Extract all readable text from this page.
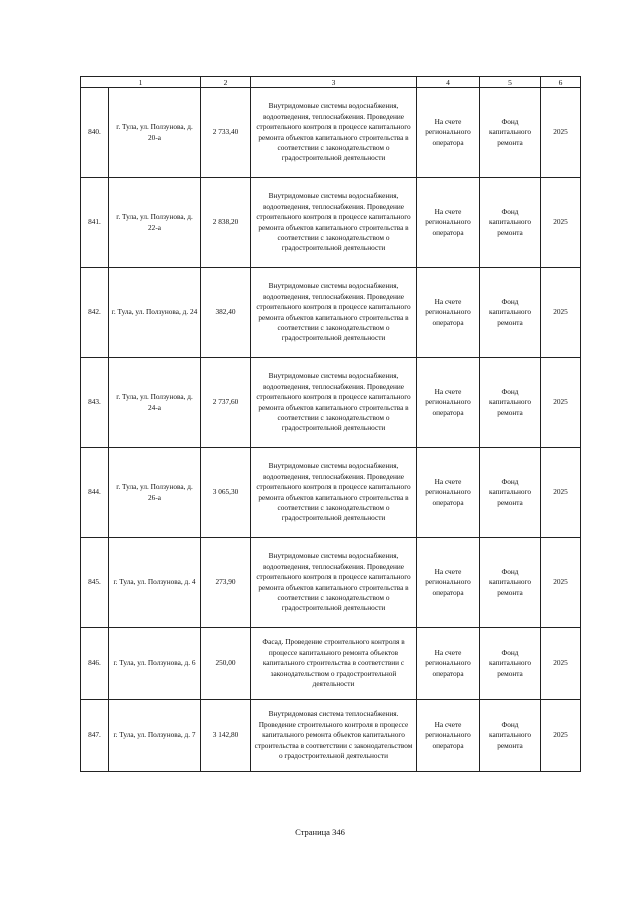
1		2	3	4	5	6
840.	г. Тула, ул. Ползунова, д. 20-а	2 733,40	Внутридомовые системы водоснабжения, водоотведения, теплоснабжения. Проведение строительного контроля в процессе капитального ремонта объектов капитального строительства в соответствии с законодательством о градостроительной деятельности	На счете регионального оператора	Фонд капитального ремонта	2025
841.	г. Тула, ул. Ползунова, д. 22-а	2 838,20	Внутридомовые системы водоснабжения, водоотведения, теплоснабжения. Проведение строительного контроля в процессе капитального ремонта объектов капитального строительства в соответствии с законодательством о градостроительной деятельности	На счете регионального оператора	Фонд капитального ремонта	2025
842.	г. Тула, ул. Ползунова, д. 24	382,40	Внутридомовые системы водоснабжения, водоотведения, теплоснабжения. Проведение строительного контроля в процессе капитального ремонта объектов капитального строительства в соответствии с законодательством о градостроительной деятельности	На счете регионального оператора	Фонд капитального ремонта	2025
843.	г. Тула, ул. Ползунова, д. 24-а	2 737,60	Внутридомовые системы водоснабжения, водоотведения, теплоснабжения. Проведение строительного контроля в процессе капитального ремонта объектов капитального строительства в соответствии с законодательством о градостроительной деятельности	На счете регионального оператора	Фонд капитального ремонта	2025
844.	г. Тула, ул. Ползунова, д. 26-а	3 065,30	Внутридомовые системы водоснабжения, водоотведения, теплоснабжения. Проведение строительного контроля в процессе капитального ремонта объектов капитального строительства в соответствии с законодательством о градостроительной деятельности	На счете регионального оператора	Фонд капитального ремонта	2025
845.	г. Тула, ул. Ползунова, д. 4	273,90	Внутридомовые системы водоснабжения, водоотведения, теплоснабжения. Проведение строительного контроля в процессе капитального ремонта объектов капитального строительства в соответствии с законодательством о градостроительной деятельности	На счете регионального оператора	Фонд капитального ремонта	2025
846.	г. Тула, ул. Ползунова, д. 6	250,00	Фасад. Проведение строительного контроля в процессе капитального ремонта объектов капитального строительства в соответствии с законодательством о градостроительной деятельности	На счете регионального оператора	Фонд капитального ремонта	2025
847.	г. Тула, ул. Ползунова, д. 7	3 142,80	Внутридомовая система теплоснабжения. Проведение строительного контроля в процессе капитального ремонта объектов капитального строительства в соответствии с законодательством о градостроительной деятельности	На счете регионального оператора	Фонд капитального ремонта	2025
Страница 346
